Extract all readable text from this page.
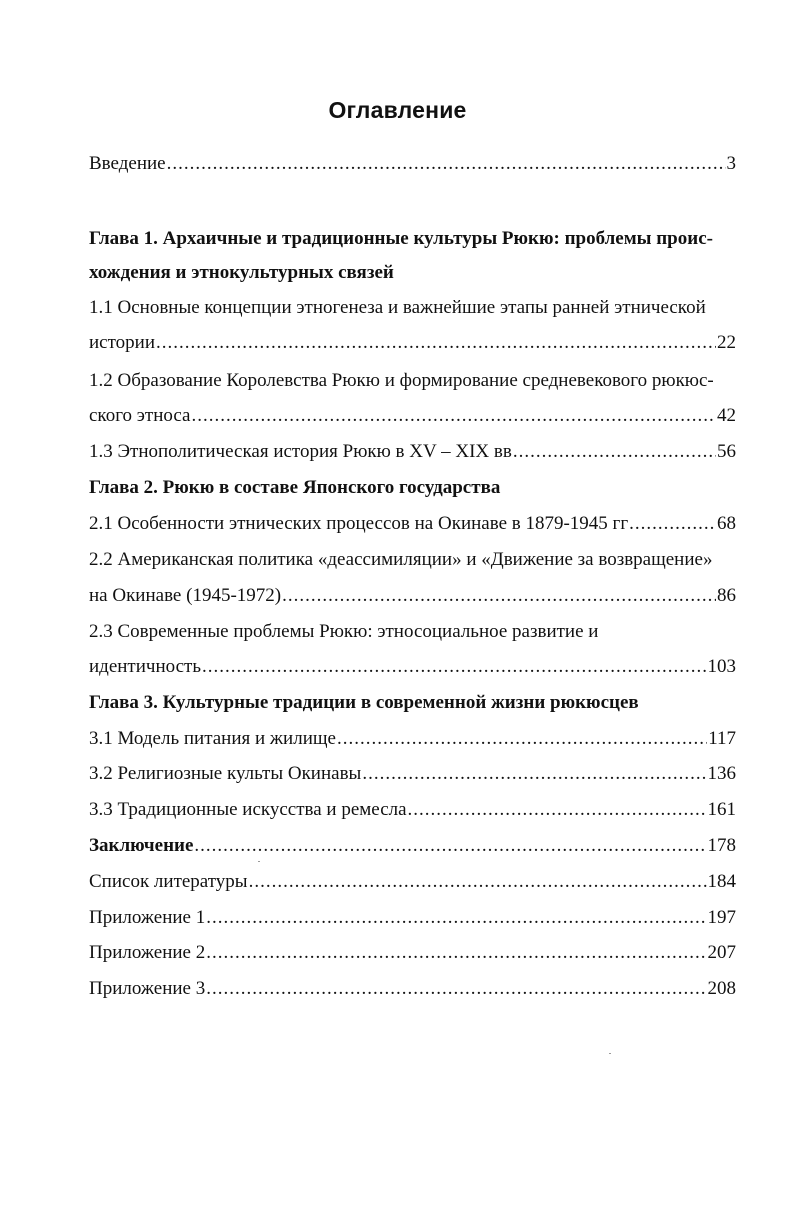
Оглавление
Введение .....	3
Глава 1. Архаичные и традиционные культуры Рюкю: проблемы проис-
хождения и этнокультурных связей
1.1 Основные концепции этногенеза и важнейшие этапы ранней этнической
истории .....	22
1.2 Образование Королевства Рюкю и формирование средневекового рюкюс-
ского этноса .....	42
1.3 Этнополитическая история Рюкю в XV – XIX вв .....	56
Глава 2. Рюкю в составе Японского государства
2.1 Особенности этнических процессов на Окинаве в 1879-1945 гг .....	68
2.2 Американская политика «деассимиляции» и «Движение за возвращение»
на Окинаве (1945-1972) .....	86
2.3 Современные проблемы Рюкю: этносоциальное развитие и
идентичность .....	103
Глава 3. Культурные традиции в современной жизни рюкюсцев
3.1 Модель питания и жилище .....	117
3.2 Религиозные культы Окинавы .....	136
3.3 Традиционные искусства и ремесла .....	161
Заключение .....	178
Список литературы .....	184
Приложение 1 .....	197
Приложение 2 .....	207
Приложение 3 .....	208
